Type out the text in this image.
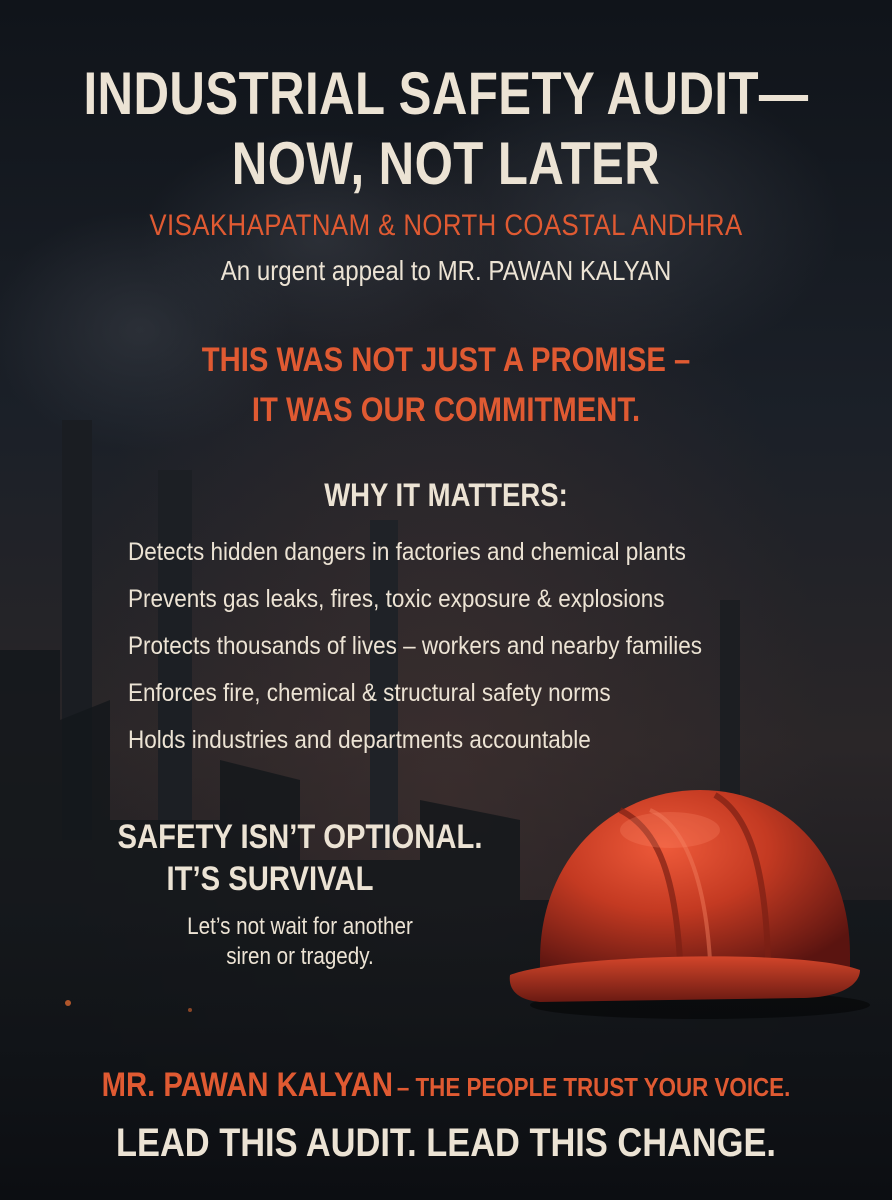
INDUSTRIAL SAFETY AUDIT—
NOW, NOT LATER
VISAKHAPATNAM & NORTH COASTAL ANDHRA
An urgent appeal to MR. PAWAN KALYAN
THIS WAS NOT JUST A PROMISE –
IT WAS OUR COMMITMENT.
WHY IT MATTERS:
Detects hidden dangers in factories and chemical plants
Prevents gas leaks, fires, toxic exposure & explosions
Protects thousands of lives – workers and nearby families
Enforces fire, chemical & structural safety norms
Holds industries and departments accountable
SAFETY ISN’T OPTIONAL.
IT’S SURVIVAL
Let’s not wait for another
siren or tragedy.
MR. PAWAN KALYAN – THE PEOPLE TRUST YOUR VOICE.
LEAD THIS AUDIT. LEAD THIS CHANGE.
